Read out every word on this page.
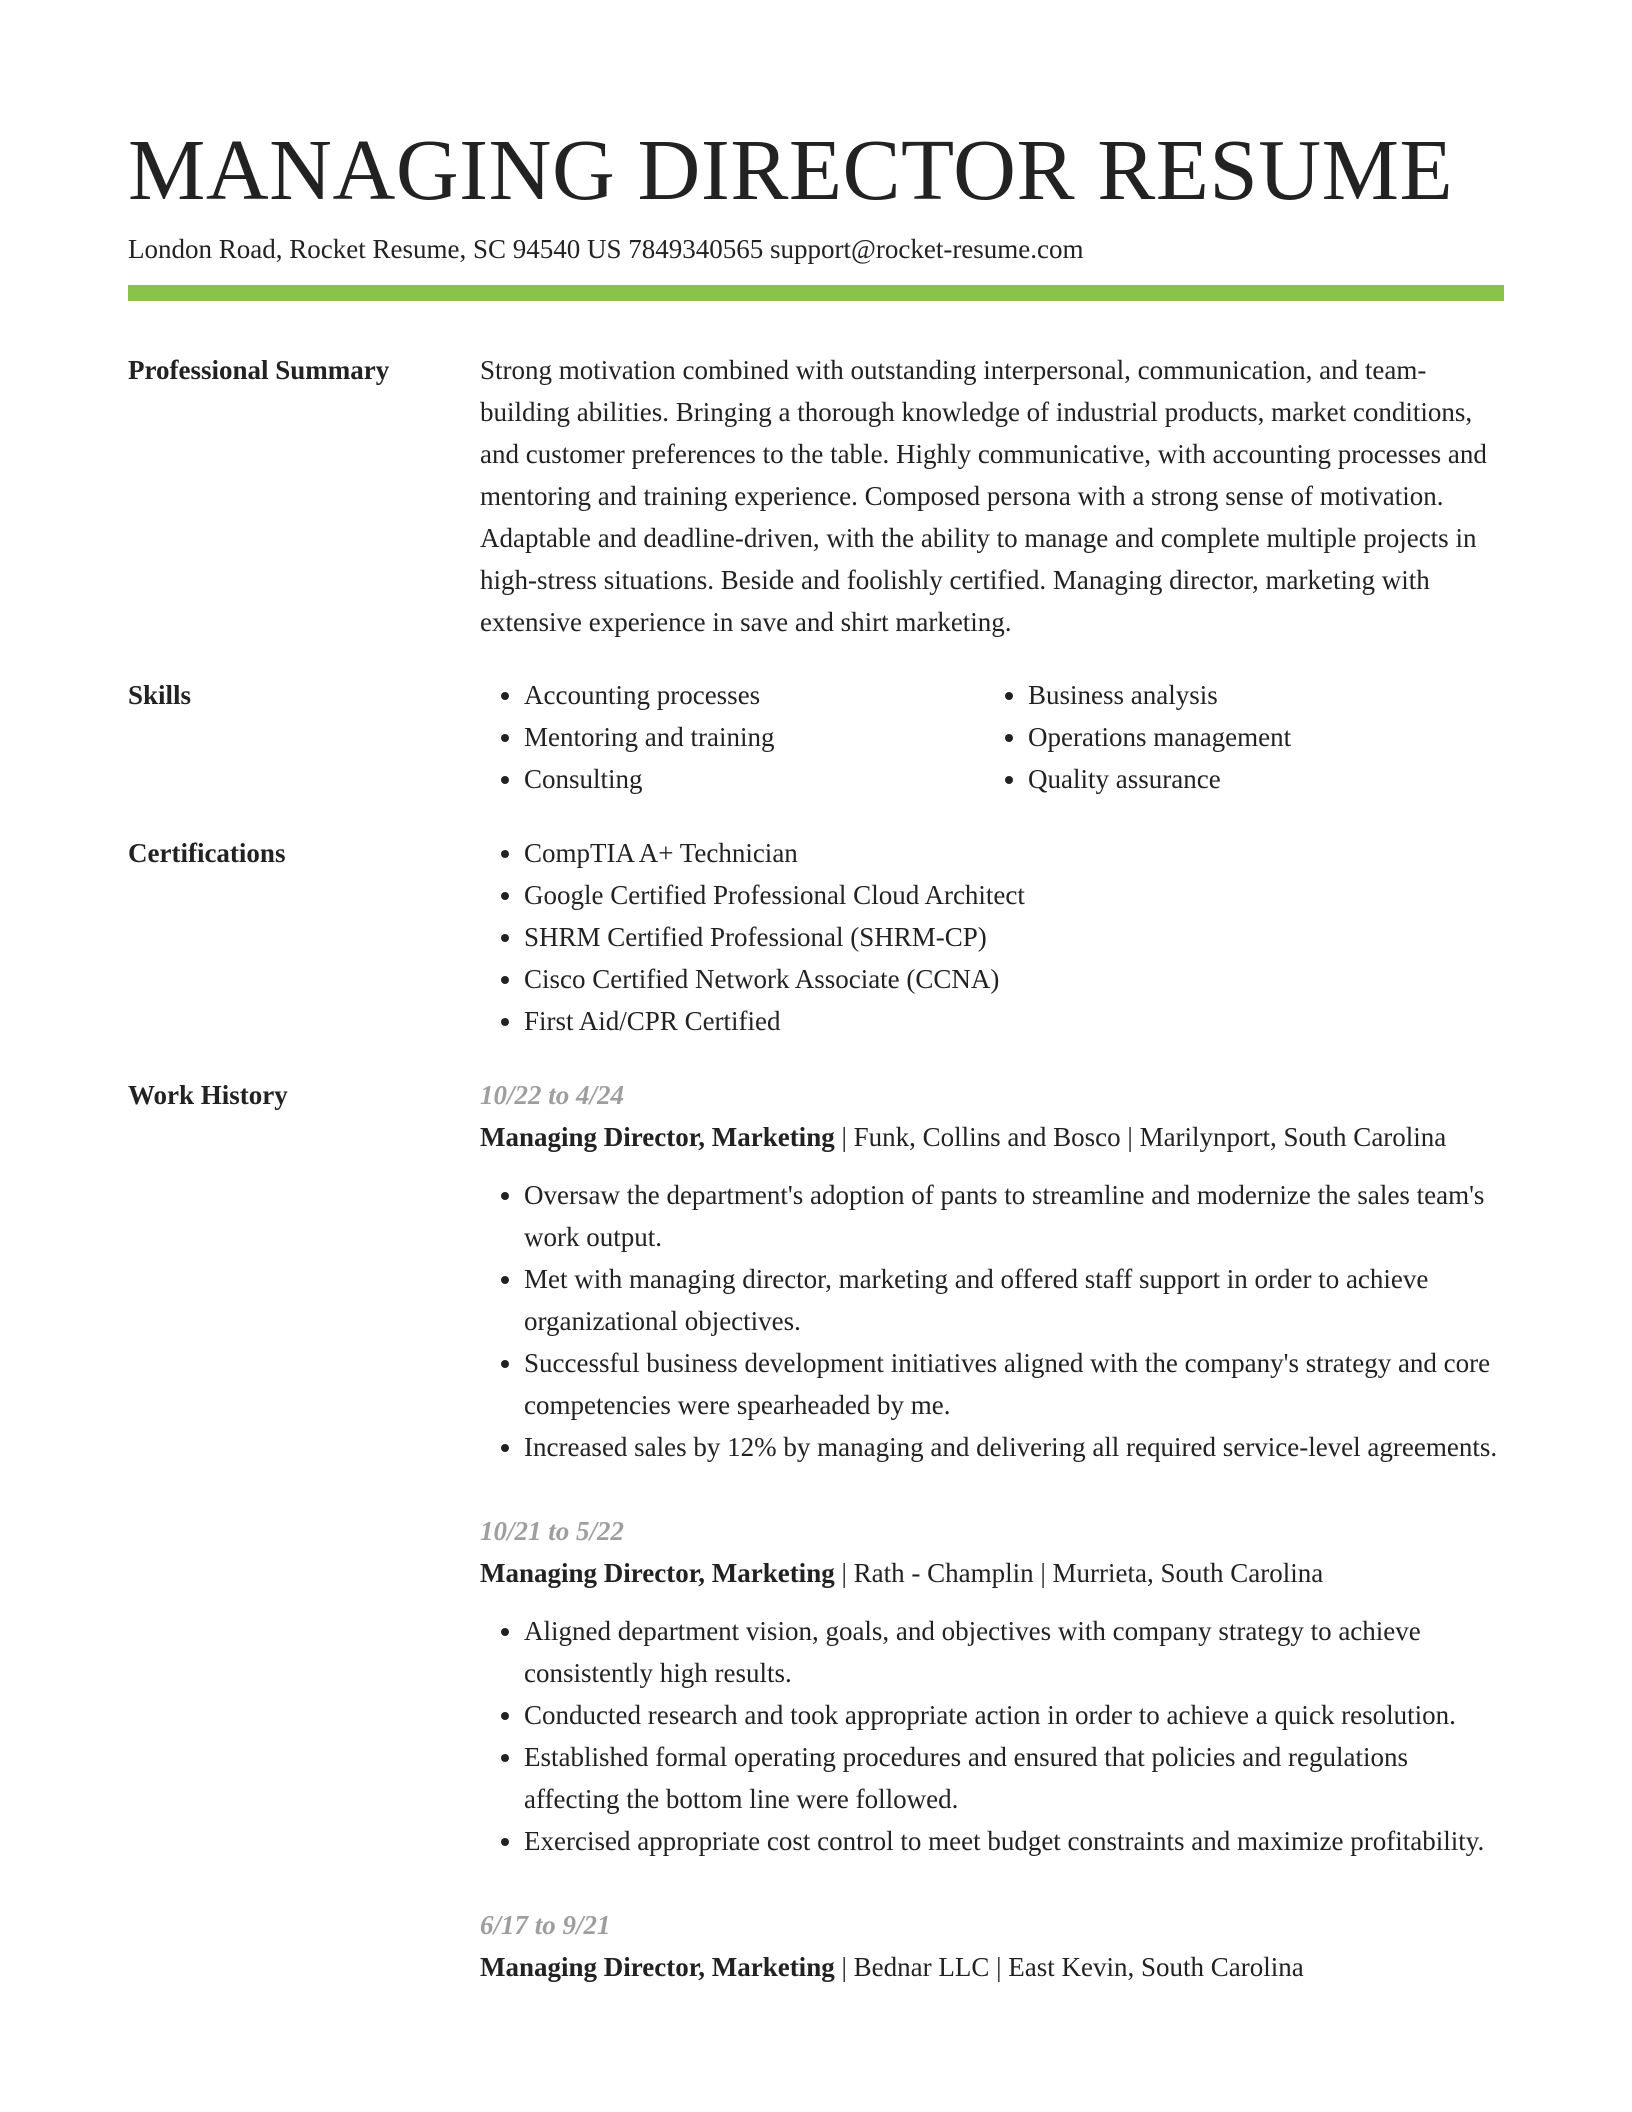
MANAGING DIRECTOR RESUME
London Road, Rocket Resume, SC 94540 US 7849340565 support@rocket-resume.com
Professional Summary	Strong motivation combined with outstanding interpersonal, communication, and team-building abilities. Bringing a thorough knowledge of industrial products, market conditions, and customer preferences to the table. Highly communicative, with accounting processes and mentoring and training experience. Composed persona with a strong sense of motivation. Adaptable and deadline-driven, with the ability to manage and complete multiple projects in high-stress situations. Beside and foolishly certified. Managing director, marketing with extensive experience in save and shirt marketing.

Skills	• Accounting processes
• Mentoring and training
• Consulting
• Business analysis
• Operations management
• Quality assurance
Certifications	• CompTIA A+ Technician
• Google Certified Professional Cloud Architect
• SHRM Certified Professional (SHRM-CP)
• Cisco Certified Network Associate (CCNA)
• First Aid/CPR Certified
Work History	10/22 to 4/24
Managing Director, Marketing | Funk, Collins and Bosco | Marilynport, South Carolina
• Oversaw the department's adoption of pants to streamline and modernize the sales team's work output.
• Met with managing director, marketing and offered staff support in order to achieve organizational objectives.
• Successful business development initiatives aligned with the company's strategy and core competencies were spearheaded by me.
• Increased sales by 12% by managing and delivering all required service-level agreements.
10/21 to 5/22
Managing Director, Marketing | Rath - Champlin | Murrieta, South Carolina
• Aligned department vision, goals, and objectives with company strategy to achieve consistently high results.
• Conducted research and took appropriate action in order to achieve a quick resolution.
• Established formal operating procedures and ensured that policies and regulations affecting the bottom line were followed.
• Exercised appropriate cost control to meet budget constraints and maximize profitability.
6/17 to 9/21
Managing Director, Marketing | Bednar LLC | East Kevin, South Carolina
